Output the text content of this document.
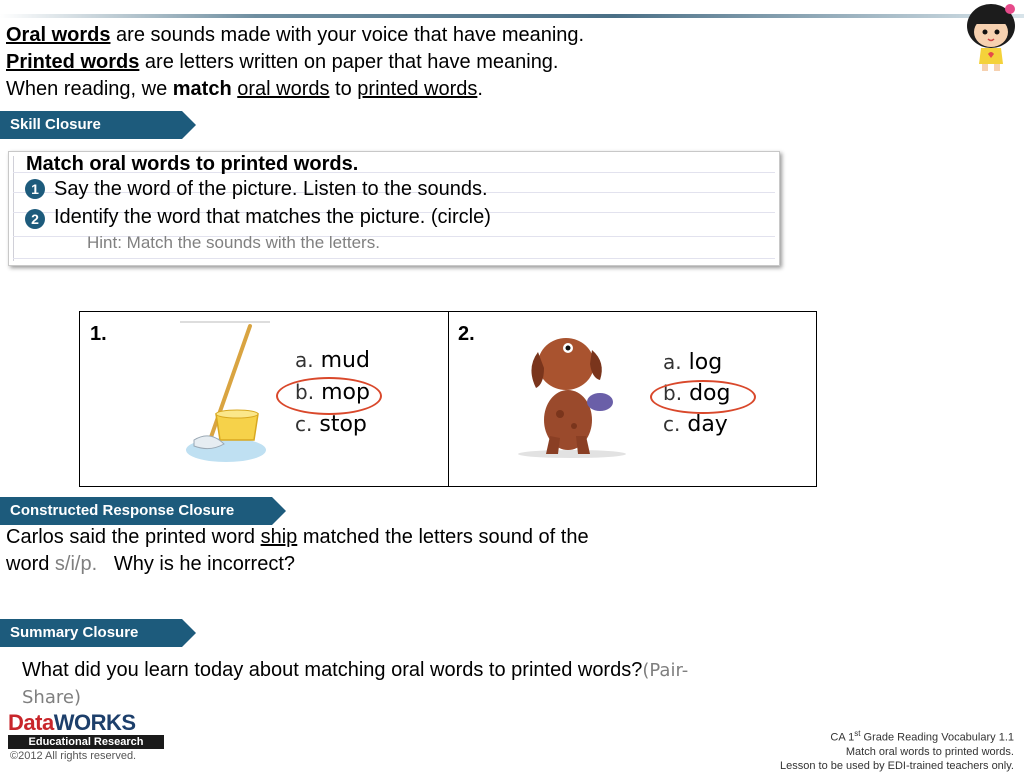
Oral words are sounds made with your voice that have meaning.
Printed words are letters written on paper that have meaning.
When reading, we match oral words to printed words.
Skill Closure
Match oral words to printed words.
1 Say the word of the picture. Listen to the sounds.
2 Identify the word that matches the picture. (circle)
Hint: Match the sounds with the letters.
1.
a. mud
b. mop
c. stop
2.
a. log
b. dog
c. day
Constructed Response Closure
Carlos said the printed word ship matched the letters sound of the
word s/i/p.   Why is he incorrect?
Summary Closure
What did you learn today about matching oral words to printed words?(Pair-Share)
DataWORKS
Educational Research
©2012 All rights reserved.
CA 1st Grade Reading Vocabulary 1.1
Match oral words to printed words.
Lesson to be used by EDI-trained teachers only.
